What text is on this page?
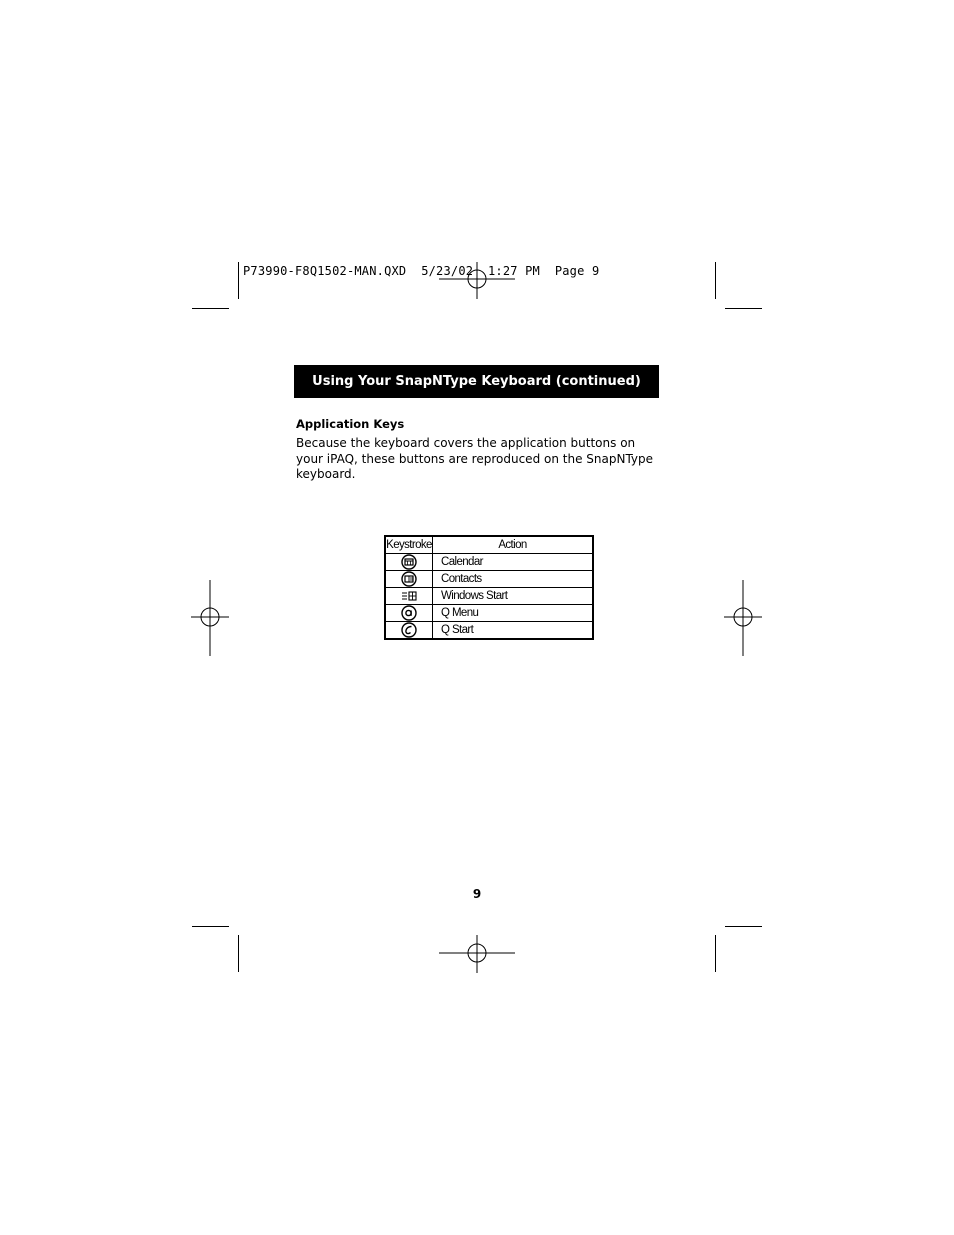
P73990-F8Q1502-MAN.QXD  5/23/02  1:27 PM  Page 9
Using Your SnapNType Keyboard (continued)
Application Keys
Because the keyboard covers the application buttons on your iPAQ, these buttons are reproduced on the SnapNType keyboard.
Keystroke	Action

	Calendar

	Contacts

	Windows Start

	Q Menu

	Q Start
9
